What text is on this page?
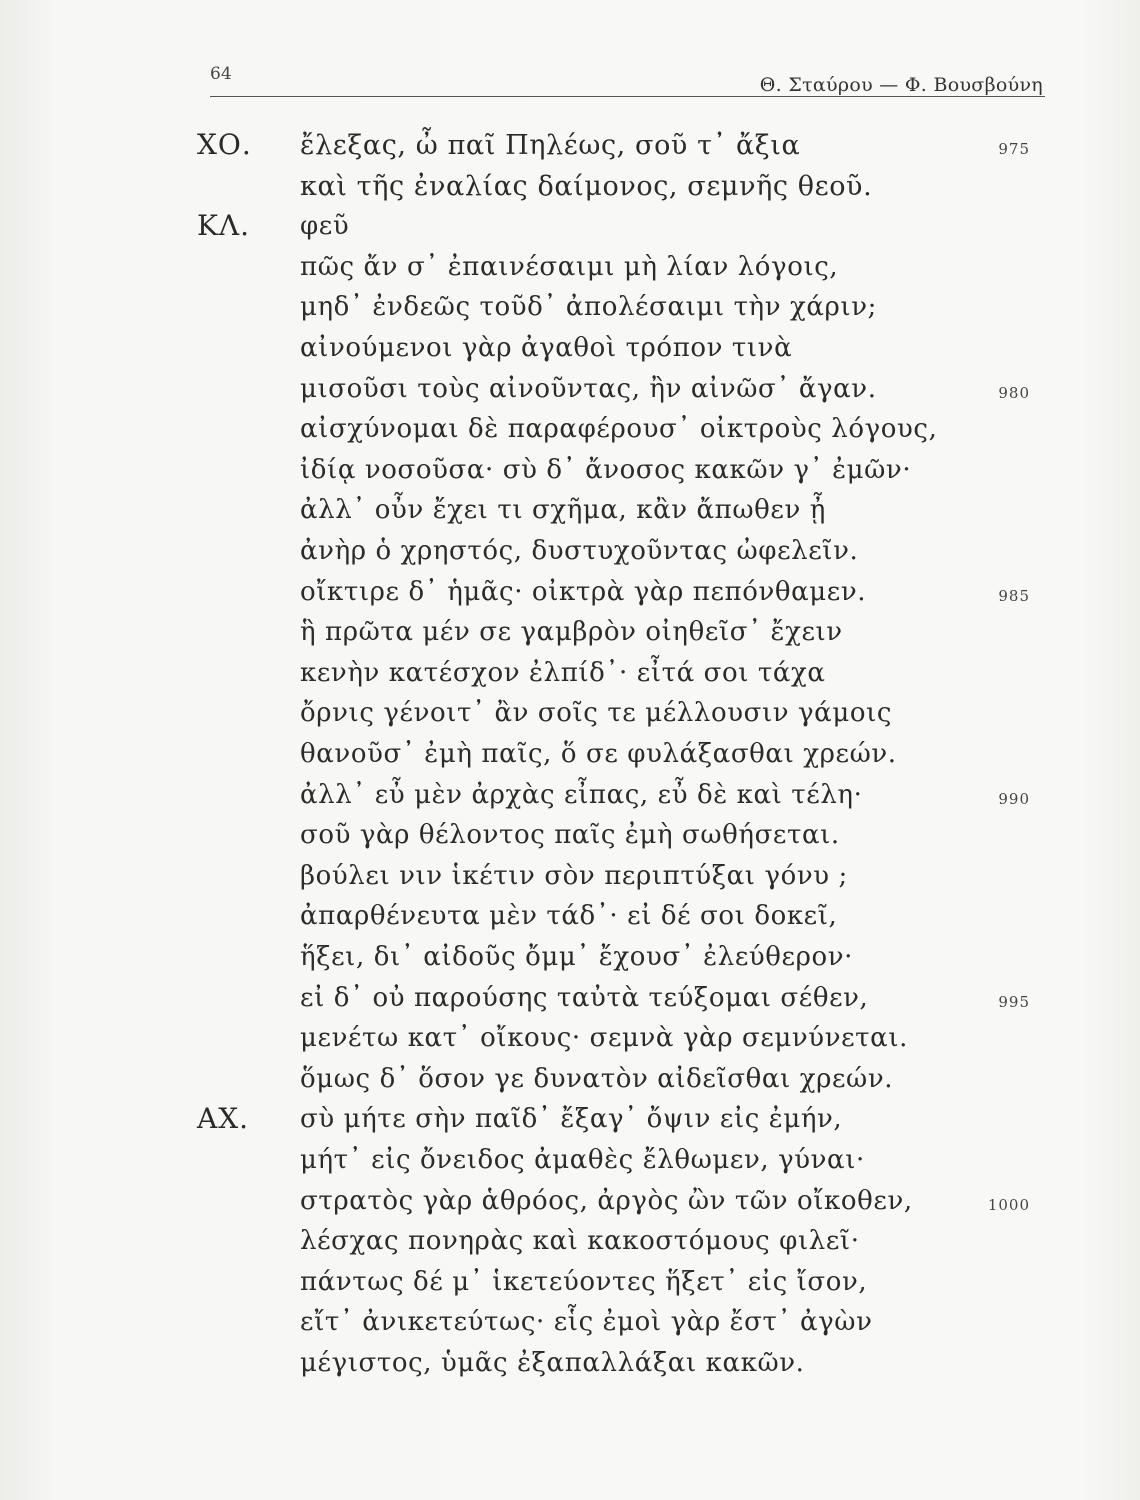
64	Θ. Σταύρου — Φ. Βουσβούνη
ΧΟ. ἔλεξας, ὦ παῖ Πηλέως, σοῦ τ᾽ ἄξια	975
καὶ τῆς ἐναλίας δαίμονος, σεμνῆς θεοῦ.
ΚΛ. φεῦ
πῶς ἄν σ᾽ ἐπαινέσαιμι μὴ λίαν λόγοις,
μηδ᾽ ἐνδεῶς τοῦδ᾽ ἀπολέσαιμι τὴν χάριν;
αἰνούμενοι γὰρ ἀγαθοὶ τρόπον τινὰ
μισοῦσι τοὺς αἰνοῦντας, ἢν αἰνῶσ᾽ ἄγαν.	980
αἰσχύνομαι δὲ παραφέρουσ᾽ οἰκτροὺς λόγους,
ἰδίᾳ νοσοῦσα· σὺ δ᾽ ἄνοσος κακῶν γ᾽ ἐμῶν·
ἀλλ᾽ οὖν ἔχει τι σχῆμα, κἂν ἄπωθεν ᾖ
ἀνὴρ ὁ χρηστός, δυστυχοῦντας ὠφελεῖν.
οἴκτιρε δ᾽ ἡμᾶς· οἰκτρὰ γὰρ πεπόνθαμεν.	985
ἣ πρῶτα μέν σε γαμβρὸν οἰηθεῖσ᾽ ἔχειν
κενὴν κατέσχον ἐλπίδ᾽· εἶτά σοι τάχα
ὄρνις γένοιτ᾽ ἂν σοῖς τε μέλλουσιν γάμοις
θανοῦσ᾽ ἐμὴ παῖς, ὅ σε φυλάξασθαι χρεών.
ἀλλ᾽ εὖ μὲν ἀρχὰς εἶπας, εὖ δὲ καὶ τέλη·	990
σοῦ γὰρ θέλοντος παῖς ἐμὴ σωθήσεται.
βούλει νιν ἱκέτιν σὸν περιπτύξαι γόνυ ;
ἀπαρθένευτα μὲν τάδ᾽· εἰ δέ σοι δοκεῖ,
ἥξει, δι᾽ αἰδοῦς ὄμμ᾽ ἔχουσ᾽ ἐλεύθερον·
εἰ δ᾽ οὐ παρούσης ταὐτὰ τεύξομαι σέθεν,	995
μενέτω κατ᾽ οἴκους· σεμνὰ γὰρ σεμνύνεται.
ὅμως δ᾽ ὅσον γε δυνατὸν αἰδεῖσθαι χρεών.
ΑΧ. σὺ μήτε σὴν παῖδ᾽ ἔξαγ᾽ ὄψιν εἰς ἐμήν,
μήτ᾽ εἰς ὄνειδος ἀμαθὲς ἔλθωμεν, γύναι·
στρατὸς γὰρ ἁθρόος, ἀργὸς ὢν τῶν οἴκοθεν,	1000
λέσχας πονηρὰς καὶ κακοστόμους φιλεῖ·
πάντως δέ μ᾽ ἱκετεύοντες ἥξετ᾽ εἰς ἴσον,
εἴτ᾽ ἀνικετεύτως· εἷς ἐμοὶ γὰρ ἔστ᾽ ἀγὼν
μέγιστος, ὑμᾶς ἐξαπαλλάξαι κακῶν.
